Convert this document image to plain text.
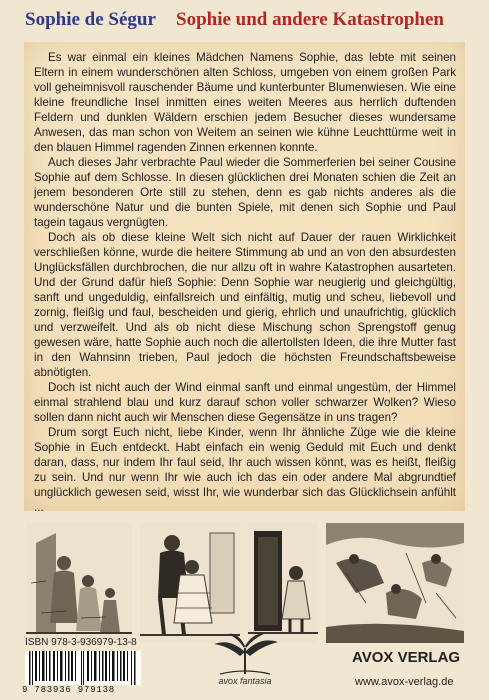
Sophie de Ségur Sophie und andere Katastrophen

Es war einmal ein kleines Mädchen Namens Sophie, das lebte mit seinen Eltern in einem wunderschönen alten Schloss, umgeben von einem großen Park voll geheimnisvoll rauschender Bäume und kunterbunter Blumenwiesen. Wie eine kleine freundliche Insel inmitten eines weiten Meeres aus herrlich duftenden Feldern und dunklen Wäldern erschien jedem Besucher dieses wundersame Anwesen, das man schon von Weitem an seinen wie kühne Leuchttürme weit in den blauen Himmel ragenden Zinnen erkennen konnte.

Auch dieses Jahr verbrachte Paul wieder die Sommerferien bei seiner Cousine Sophie auf dem Schlosse. In diesen glücklichen drei Monaten schien die Zeit an jenem besonderen Orte still zu stehen, denn es gab nichts anderes als die wunderschöne Natur und die bunten Spiele, mit denen sich Sophie und Paul tagein tagaus vergnügten.

Doch als ob diese kleine Welt sich nicht auf Dauer der rauen Wirklichkeit verschließen könne, wurde die heitere Stimmung ab und an von den absurdesten Unglücksfällen durchbrochen, die nur allzu oft in wahre Katastrophen ausarteten. Und der Grund dafür hieß Sophie: Denn Sophie war neugierig und gleichgültig, sanft und ungeduldig, einfallsreich und einfältig, mutig und scheu, liebevoll und zornig, fleißig und faul, bescheiden und gierig, ehrlich und unaufrichtig, glücklich und verzweifelt. Und als ob nicht diese Mischung schon Sprengstoff genug gewesen wäre, hatte Sophie auch noch die allertollsten Ideen, die ihre Mutter fast in den Wahnsinn trieben, Paul jedoch die höchsten Freundschaftsbeweise abnötigten.

Doch ist nicht auch der Wind einmal sanft und einmal ungestüm, der Himmel einmal strahlend blau und kurz darauf schon voller schwarzer Wolken? Wieso sollen dann nicht auch wir Menschen diese Gegensätze in uns tragen?

Drum sorgt Euch nicht, liebe Kinder, wenn Ihr ähnliche Züge wie die kleine Sophie in Euch entdeckt. Habt einfach ein wenig Geduld mit Euch und denkt daran, dass, nur indem Ihr faul seid, Ihr auch wissen könnt, was es heißt, fleißig zu sein. Und nur wenn Ihr wie auch ich das ein oder andere Mal abgrundtief unglücklich gewesen seid, wisst Ihr, wie wunderbar sich das Glücklichsein anfühlt ...

ISBN 978-3-936979-13-8
9 783936 979138
avox fantasia
AVOX VERLAG
www.avox-verlag.de
